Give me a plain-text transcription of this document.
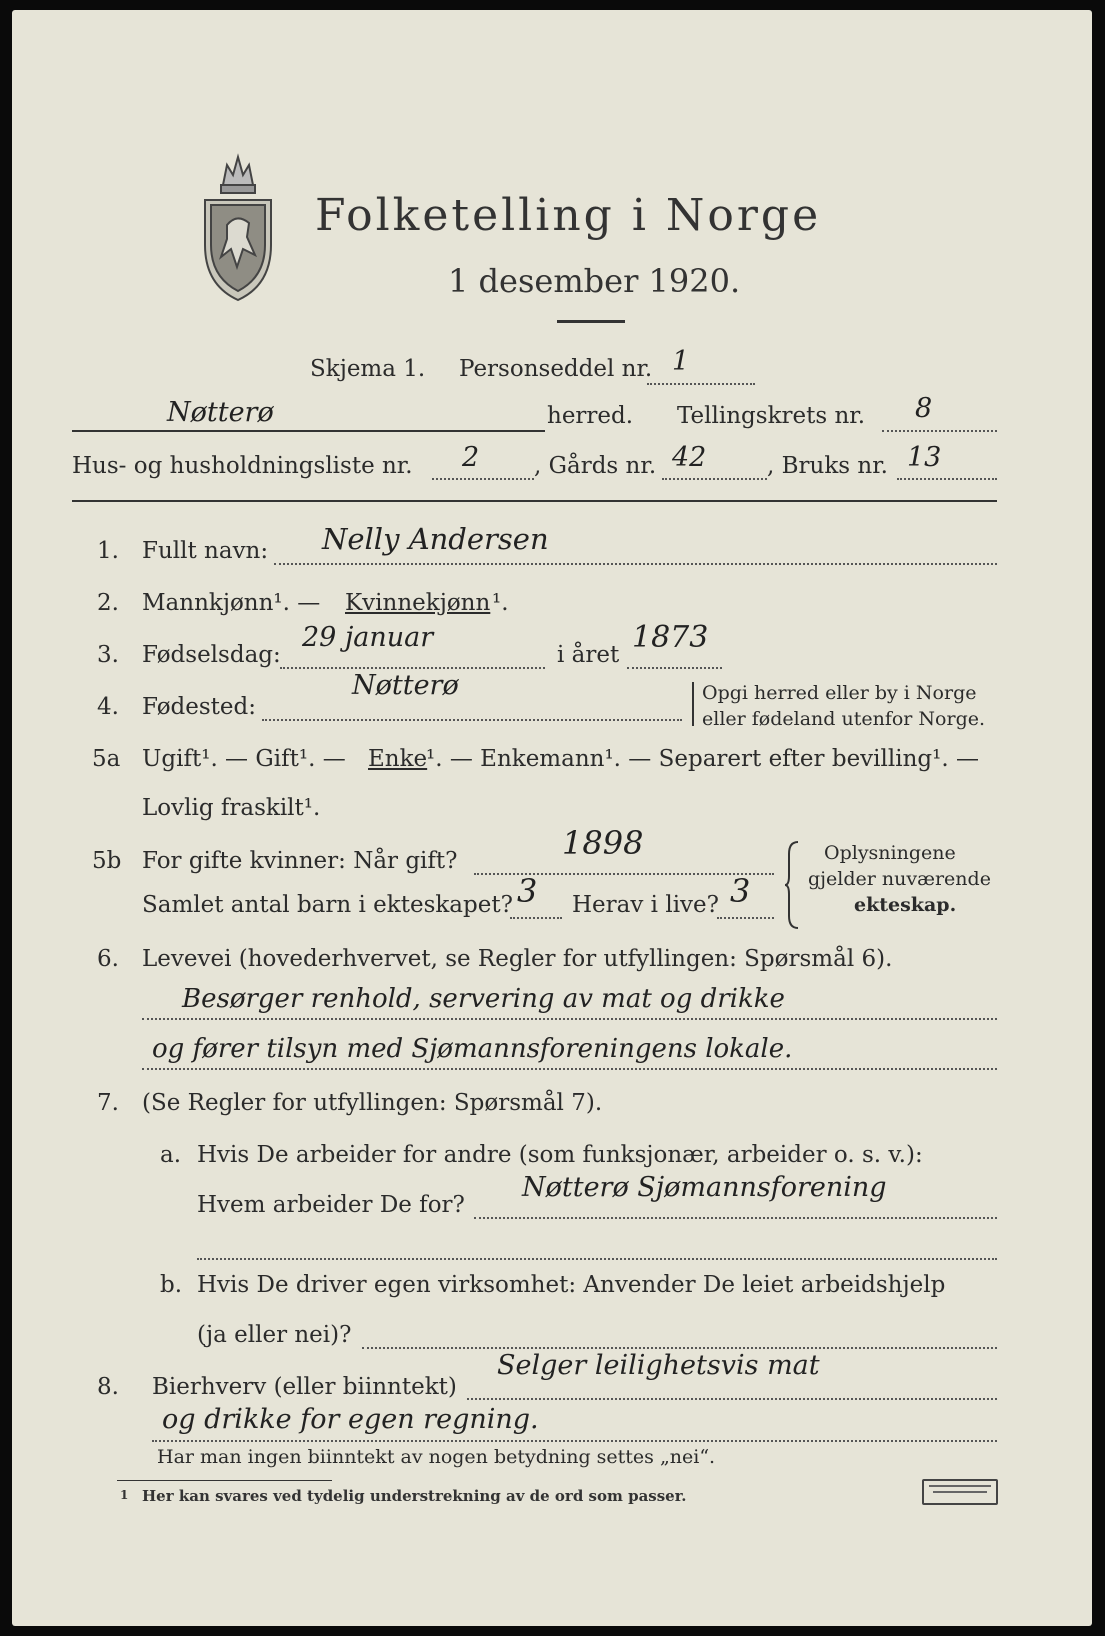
Folketelling i Norge
1 desember 1920.
Skjema 1. Personseddel nr. 1
Nøtterø	herred. Tellingskrets nr. 8
Hus- og husholdningsliste nr. 2 , Gårds nr. 42	, Bruks nr. 13
1. Fullt navn: Nelly Andersen
2. Mannkjønn¹. — Kvinnekjønn ¹.
3. Fødselsdag:
29 januar
i året 1873
4. Fødested:
Nøtterø	Opgi herred eller by i Norge
eller fødeland utenfor Norge.
5a Ugift¹. — Gift¹. — Enke
¹. — Enkemann¹. — Separert efter bevilling¹. —
Lovlig fraskilt¹.
5b For gifte kvinner: Når gift?	1898
Samlet antal barn i ekteskapet? 3 Herav i live? 3
Oplysningene
gjelder nuværende
ekteskap.
6. Levevei (hovederhvervet, se Regler for utfyllingen: Spørsmål 6).
Besørger renhold, servering av mat og drikke
og fører tilsyn med Sjømannsforeningens lokale.
7. (Se Regler for utfyllingen: Spørsmål 7).
a. Hvis De arbeider for andre (som funksjonær, arbeider o. s. v.):
Hvem arbeider De for?
Nøtterø Sjømannsforening
b. Hvis De driver egen virksomhet: Anvender De leiet arbeidshjelp
(ja eller nei)?
8. Bierhverv (eller biinntekt)
Selger leilighetsvis mat
og drikke for egen regning.
Har man ingen biinntekt av nogen betydning settes „nei“.
1 Her kan svares ved tydelig understrekning av de ord som passer.
